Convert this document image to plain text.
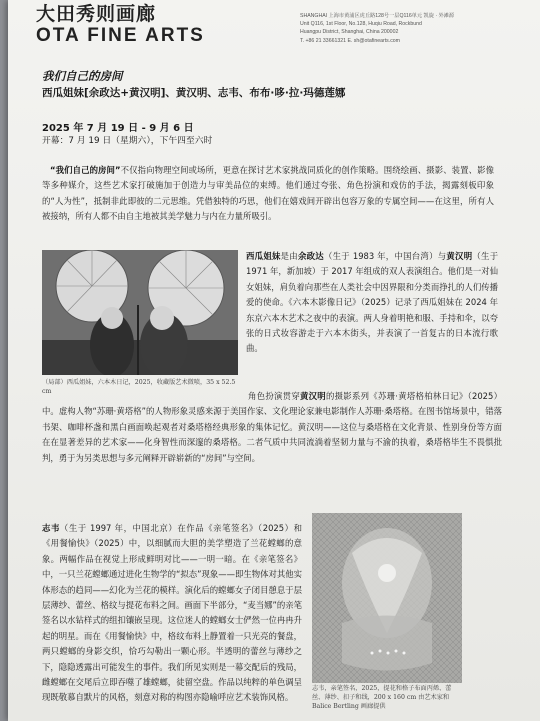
大田秀则画廊
OTA FINE ARTS
SHANGHAI 上海市黄浦区虎丘路128号一层Q116单元 凯旋 · 外滩源
Unit Q116, 1st Floor, No.128, Huqiu Road, Rockbund
Huangpu District, Shanghai, China 200002
T. +86 21 33661321 E. sh@otafinearts.com
我们自己的房间
西瓜姐妹[余政达+黄汉明]、黄汉明、志韦、布布·哆·拉·玛德莲娜
2025 年 7 月 19 日 - 9 月 6 日
开幕：7 月 19 日（星期六），下午四至六时
“我们自己的房间”不仅指向物理空间或场所，更意在探讨艺术家挑战同质化的创作策略。围绕绘画、摄影、装置、影像等多种媒介，这些艺术家打破施加于创造力与审美品位的束缚。他们通过夸张、角色扮演和戏仿的手法，揭露刻板印象的“人为性”，抵制非此即彼的二元思维。凭借独特的巧思，他们在嬉戏间开辟出包容万象的专属空间——在这里，所有人被接纳，所有人都不由自主地被其美学魅力与内在力量所吸引。
（局部）西瓜姐妹，六本木日记，2025，收藏版艺术微喷，35 x 52.5 cm
西瓜姐妹是由余政达（生于 1983 年，中国台湾）与黄汉明（生于 1971 年，新加坡）于 2017 年组成的双人表演组合。他们是一对仙女姐妹，肩负着向那些在人类社会中因界限和分类而挣扎的人们传播爱的使命。《六本木影像日记》（2025）记录了西瓜姐妹在 2024 年东京六本木艺术之夜中的表演。两人身着明艳和服、手持和伞，以夸张的日式妆容游走于六本木街头，并表演了一首复古的日本流行歌曲。
角色扮演贯穿黄汉明的摄影系列《苏珊·黄塔格柏林日记》（2025）中。虚构人物“苏珊·黄塔格”的人物形象灵感来源于美国作家、文化理论家兼电影制作人苏珊·桑塔格。在图书馆场景中，错落书架、咖啡杯盏和黑白画面唤起观者对桑塔格经典形象的集体记忆。黄汉明——这位与桑塔格在文化背景、性别身份等方面在在显著差异的艺术家——化身智性而深邃的桑塔格。二者气质中共同流淌着坚韧力量与不渝的执着，桑塔格毕生不畏惧批判，勇于为另类思想与多元阐释开辟崭新的“房间”与空间。
志韦（生于 1997 年，中国北京）在作品《亲笔签名》（2025）和《用餐愉快》（2025）中，以细腻而大胆的美学塑造了兰花螳螂的意象。两幅作品在视觉上形成鲜明对比——一明一暗。在《亲笔签名》中，一只兰花螳螂通过进化生物学的“拟态”现象——即生物体对其他实体形态的趋同——幻化为兰花的模样。演化后的螳螂女子闭目憩息于层层薄纱、蕾丝、格纹与提花布料之间。画面下半部分，“麦当娜”的亲笔签名以水钻样式的组扣镶嵌呈现。这位迷人的螳螂女士俨然一位冉冉升起的明星。而在《用餐愉快》中，格纹布料上静置着一只光亮的餐盘，两只螳螂的身影交织，恰巧勾勒出一颗心形。半透明的蕾丝与薄纱之下，隐隐透露出可能发生的事件。我们所见实则是一幕交配后的残局，雌螳螂在交尾后立即吞噬了雄螳螂，徒留空盘。作品以纯粹的单色调呈现既敬慕自默片的风格，刻意对称的构图亦隐喻呼应艺术装饰风格。
志韦，亲笔签名，2025，提花和格子布面丙烯、蕾丝、薄纱、扣子和线，200 x 160 cm 由艺术家和 Balice Bertling 画廊提供
